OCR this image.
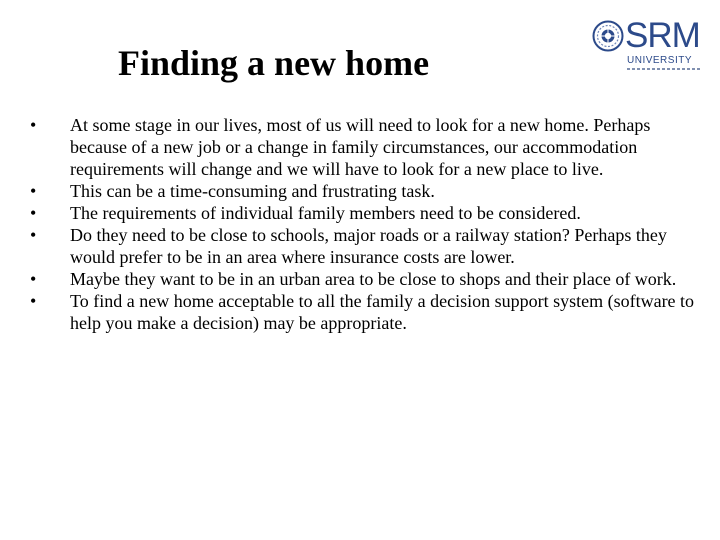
Finding a new home
SRM
UNIVERSITY
•	At some stage in our lives, most of us will need to look for a new home. Perhaps because of a new job or a change in family circumstances, our accommodation requirements will change and we will have to look for a new place to live.
•	This can be a time-consuming and frustrating task.
•	The requirements of individual family members need to be considered.
•	Do they need to be close to schools, major roads or a railway station? Perhaps they would prefer to be in an area where insurance costs are lower.
•	Maybe they want to be in an urban area to be close to shops and their place of work.
•	To find a new home acceptable to all the family a decision support system (software to help you make a decision) may be appropriate.
